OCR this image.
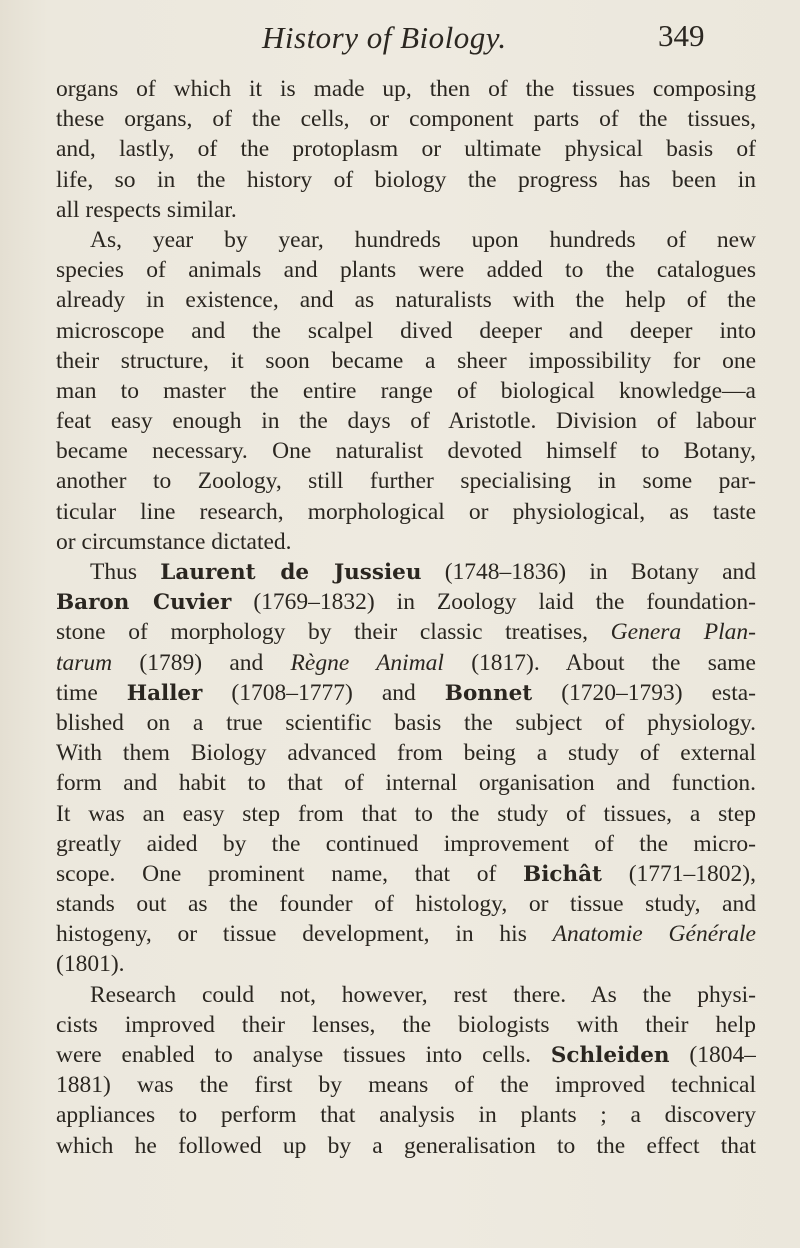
History of Biology.	349
organs of which it is made up, then of the tissues composing
these organs, of the cells, or component parts of the tissues,
and, lastly, of the protoplasm or ultimate physical basis of
life, so in the history of biology the progress has been in
all respects similar.
As, year by year, hundreds upon hundreds of new
species of animals and plants were added to the catalogues
already in existence, and as naturalists with the help of the
microscope and the scalpel dived deeper and deeper into
their structure, it soon became a sheer impossibility for one
man to master the entire range of biological knowledge—a
feat easy enough in the days of Aristotle. Division of labour
became necessary. One naturalist devoted himself to Botany,
another to Zoology, still further specialising in some par-
ticular line research, morphological or physiological, as taste
or circumstance dictated.
Thus Laurent de Jussieu (1748–1836) in Botany and
Baron Cuvier (1769–1832) in Zoology laid the foundation-
stone of morphology by their classic treatises, Genera Plan-
tarum (1789) and Règne Animal (1817). About the same
time Haller (1708–1777) and Bonnet (1720–1793) esta-
blished on a true scientific basis the subject of physiology.
With them Biology advanced from being a study of external
form and habit to that of internal organisation and function.
It was an easy step from that to the study of tissues, a step
greatly aided by the continued improvement of the micro-
scope. One prominent name, that of Bichât (1771–1802),
stands out as the founder of histology, or tissue study, and
histogeny, or tissue development, in his Anatomie Générale
(1801).
Research could not, however, rest there. As the physi-
cists improved their lenses, the biologists with their help
were enabled to analyse tissues into cells. Schleiden (1804–
1881) was the first by means of the improved technical
appliances to perform that analysis in plants ; a discovery
which he followed up by a generalisation to the effect that
